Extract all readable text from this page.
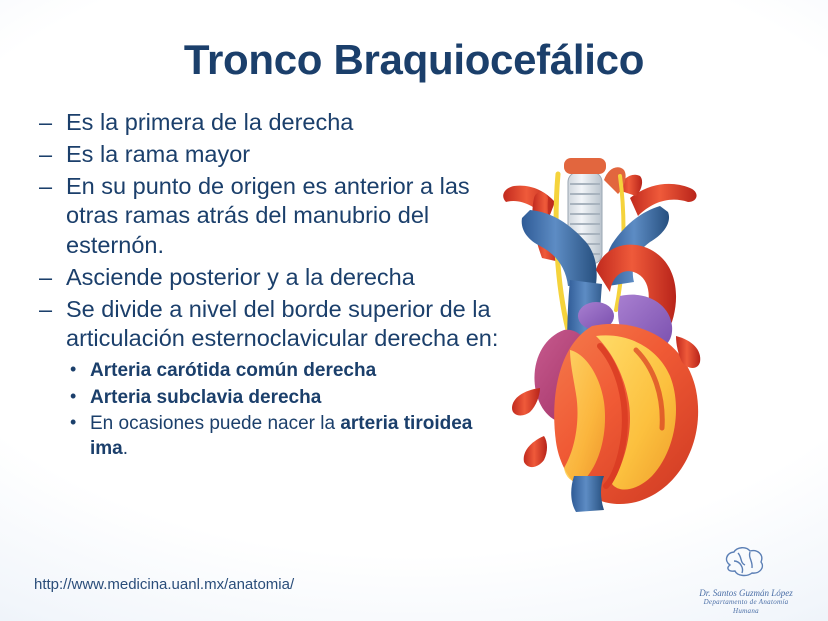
Tronco Braquiocefálico
– Es la primera de la derecha
– Es la rama mayor
– En su punto de origen es anterior a las otras ramas atrás del manubrio del esternón.
– Asciende posterior y a la derecha
– Se divide a nivel del borde superior de la articulación esternoclavicular derecha en:
• Arteria carótida común derecha
• Arteria subclavia derecha
• En ocasiones puede nacer la arteria tiroidea ima.
http://www.medicina.uanl.mx/anatomia/	Dr. Santos Guzmán López
Departamento de Anatomía Humana
